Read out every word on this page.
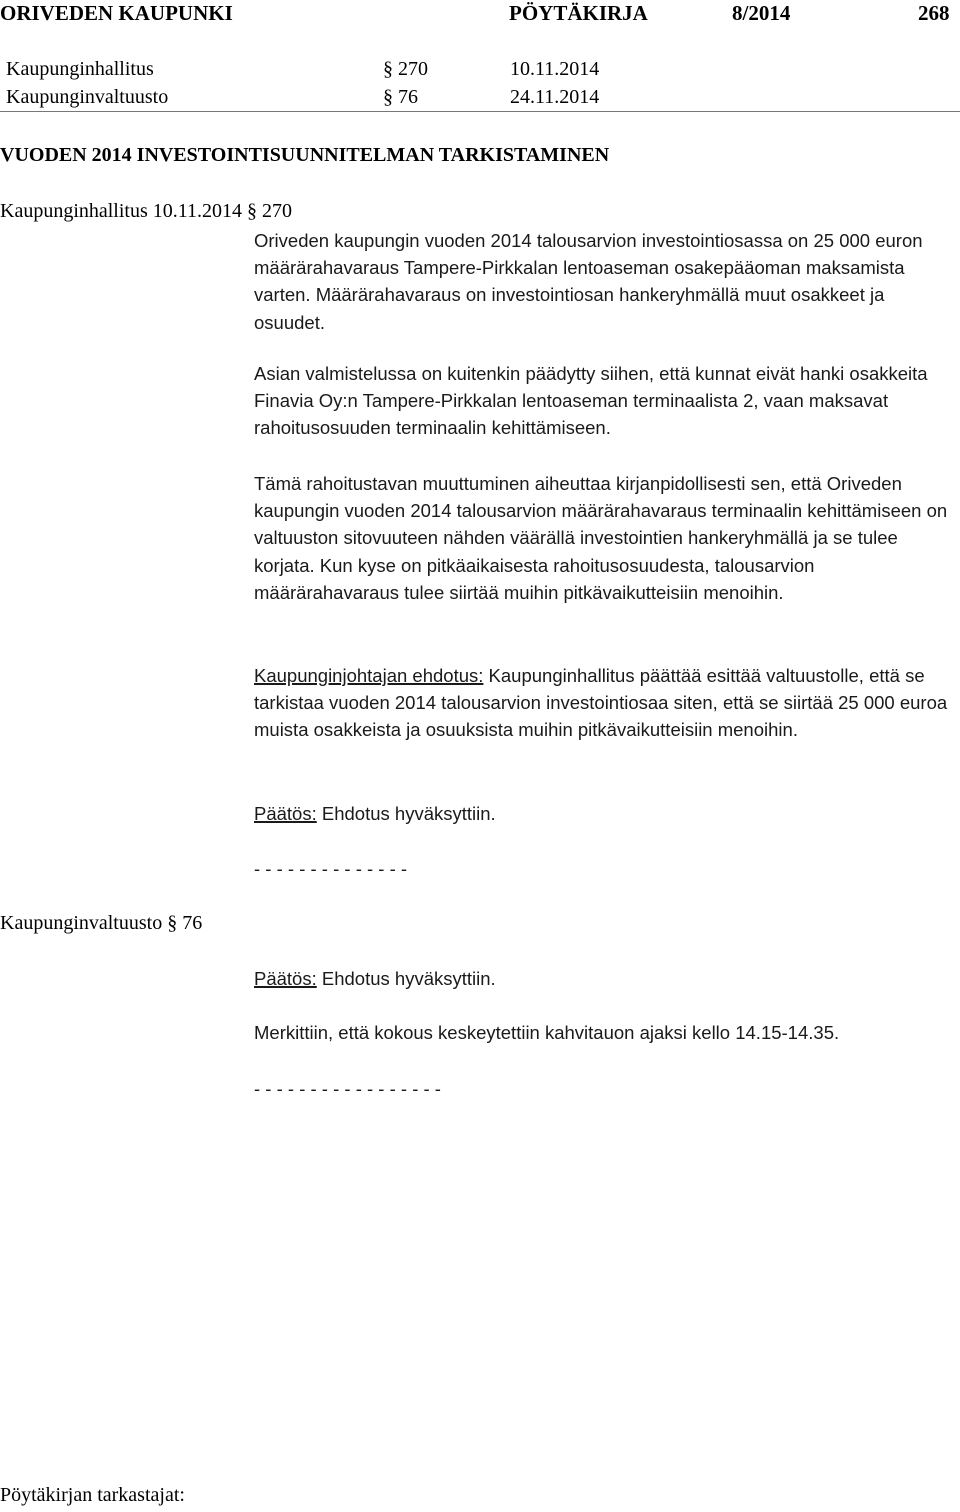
ORIVEDEN KAUPUNKI	PÖYTÄKIRJA	8/2014	268
Kaupunginhallitus	§ 270	10.11.2014
Kaupunginvaltuusto	§ 76	24.11.2014
VUODEN 2014 INVESTOINTISUUNNITELMAN TARKISTAMINEN
Kaupunginhallitus 10.11.2014 § 270

Oriveden kaupungin vuoden 2014 talousarvion investointiosassa on 25 000 euron määrärahavaraus Tampere-Pirkkalan lentoaseman osakepääoman maksamista varten. Määrärahavaraus on investointiosan hankeryhmällä muut osakkeet ja osuudet.

Asian valmistelussa on kuitenkin päädytty siihen, että kunnat eivät hanki osakkeita Finavia Oy:n Tampere-Pirkkalan lentoaseman terminaalista 2, vaan maksavat rahoitusosuuden terminaalin kehittämiseen.

Tämä rahoitustavan muuttuminen aiheuttaa kirjanpidollisesti sen, että Oriveden kaupungin vuoden 2014 talousarvion määrärahavaraus terminaalin kehittämiseen on valtuuston sitovuuteen nähden väärällä investointien hankeryhmällä ja se tulee korjata. Kun kyse on pitkäaikaisesta rahoitusosuudesta, talousarvion määrärahavaraus tulee siirtää muihin pitkävaikutteisiin menoihin.

Kaupunginjohtajan ehdotus: Kaupunginhallitus päättää esittää valtuustolle, että se tarkistaa vuoden 2014 talousarvion investointiosaa siten, että se siirtää 25 000 euroa muista osakkeista ja osuuksista muihin pitkävaikutteisiin menoihin.

Päätös: Ehdotus hyväksyttiin.
- - - - - - - - - - - - - -
Kaupunginvaltuusto § 76
Päätös: Ehdotus hyväksyttiin.
Merkittiin, että kokous keskeytettiin kahvitauon ajaksi kello 14.15-14.35.
- - - - - - - - - - - - - - - - -
Pöytäkirjan tarkastajat:
